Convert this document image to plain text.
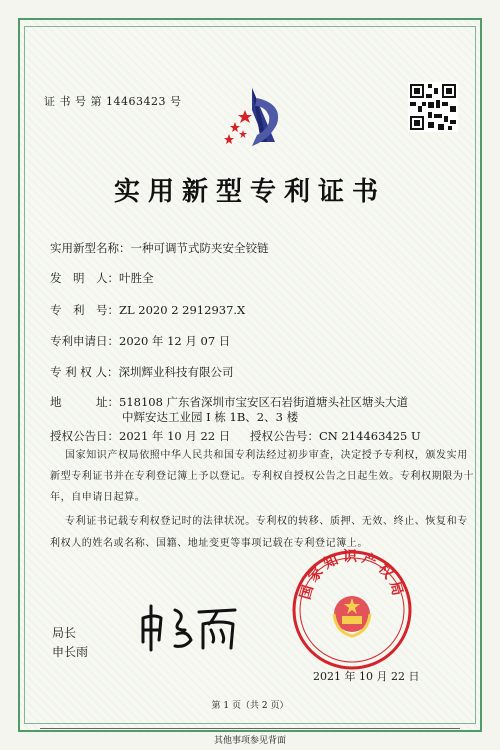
证 书 号 第 14463423 号
实用新型专利证书
实用新型名称：一种可调节式防夹安全铰链
发　明　人：叶胜全
专　利　号：ZL 2020 2 2912937.X
专利申请日：2020 年 12 月 07 日
专 利 权 人：深圳辉业科技有限公司
地　　　址：518108 广东省深圳市宝安区石岩街道塘头社区塘头大道
中辉安达工业园 I 栋 1B、2、3 楼
授权公告日：2021 年 10 月 22 日 授权公告号：CN 214463425 U
国家知识产权局依照中华人民共和国专利法经过初步审查，决定授予专利权，颁发实用
新型专利证书并在专利登记簿上予以登记。专利权自授权公告之日起生效。专利权期限为十
年，自申请日起算。
专利证书记载专利权登记时的法律状况。专利权的转移、质押、无效、终止、恢复和专
利权人的姓名或名称、国籍、地址变更等事项记载在专利登记簿上。
局长
申长雨
国家知识产权局
2021 年 10 月 22 日
第 1 页（共 2 页）
其他事项参见背面
